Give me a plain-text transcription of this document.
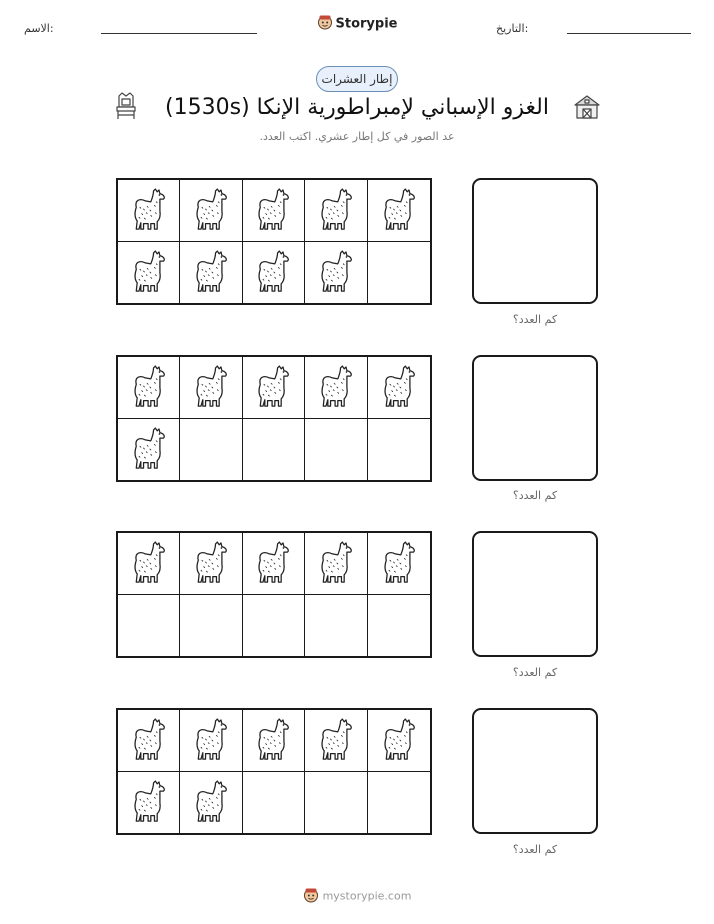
الاسم:	Storypie	التاريخ:
إطار العشرات
الغزو الإسباني لإمبراطورية الإنكا (1530s)
عد الصور في كل إطار عشري. اكتب العدد.
كم العدد؟
كم العدد؟
كم العدد؟
كم العدد؟
mystorypie.com
